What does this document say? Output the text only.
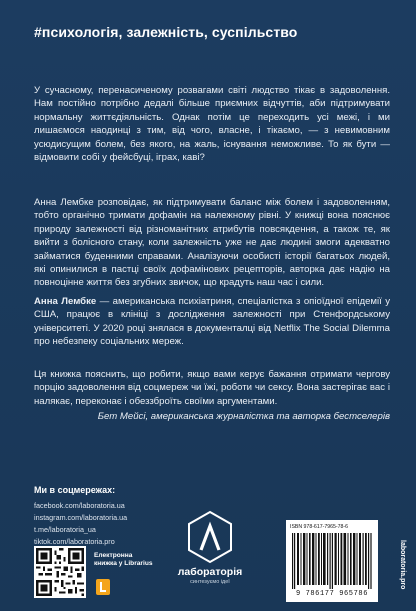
#психологія, залежність, суспільство

У сучасному, перенасиченому розвагами світі людство тікає в задоволення. Нам постійно потрібно дедалі більше приємних відчуттів, аби підтримувати нормальну життєдіяльність. Однак потім це переходить усі межі, і ми лишаємося наодинці з тим, від чого, власне, і тікаємо, — з невимовним усюдисущим болем, без якого, на жаль, існування неможливе. То як бути — відмовити собі у фейсбуці, іграх, каві?

Анна Лембке розповідає, як підтримувати баланс між болем і задоволенням, тобто органічно тримати дофамін на належному рівні. У книжці вона пояснює природу залежності від різноманітних атрибутів повсякдення, а також те, як вийти з болісного стану, коли залежність уже не дає людині змоги адекватно займатися буденними справами. Аналізуючи особисті історії багатьох людей, які опинилися в пастці своїх дофамінових рецепторів, авторка дає надію на повноцінне життя без згубних звичок, що крадуть наш час і сили.

Анна Лембке — американська психіатриня, спеціалістка з опіоїдної епідемії у США, працює в клініці з дослідження залежності при Стенфордському університеті. У 2020 році знялася в документалці від Netflix The Social Dilemma про небезпеку соціальних мереж.

Ця книжка пояснить, що робити, якщо вами керує бажання отримати чергову порцію задоволення від соцмереж чи їжі, роботи чи сексу. Вона застерігає вас і налякає, переконає і обеззброїть своїми аргументами.

Бет Мейсі, американська журналістка та авторка бестселерів
Ми в соцмережах:
facebook.com/laboratoria.ua
instagram.com/laboratoria.ua
t.me/laboratoria_ua
tiktok.com/laboratoria.pro
Електронна книжка у Librarius
лабораторія
синтезуємо ідеї
ISBN 978-617-7965-78-6
9 786177 965786
laboratoria.pro
